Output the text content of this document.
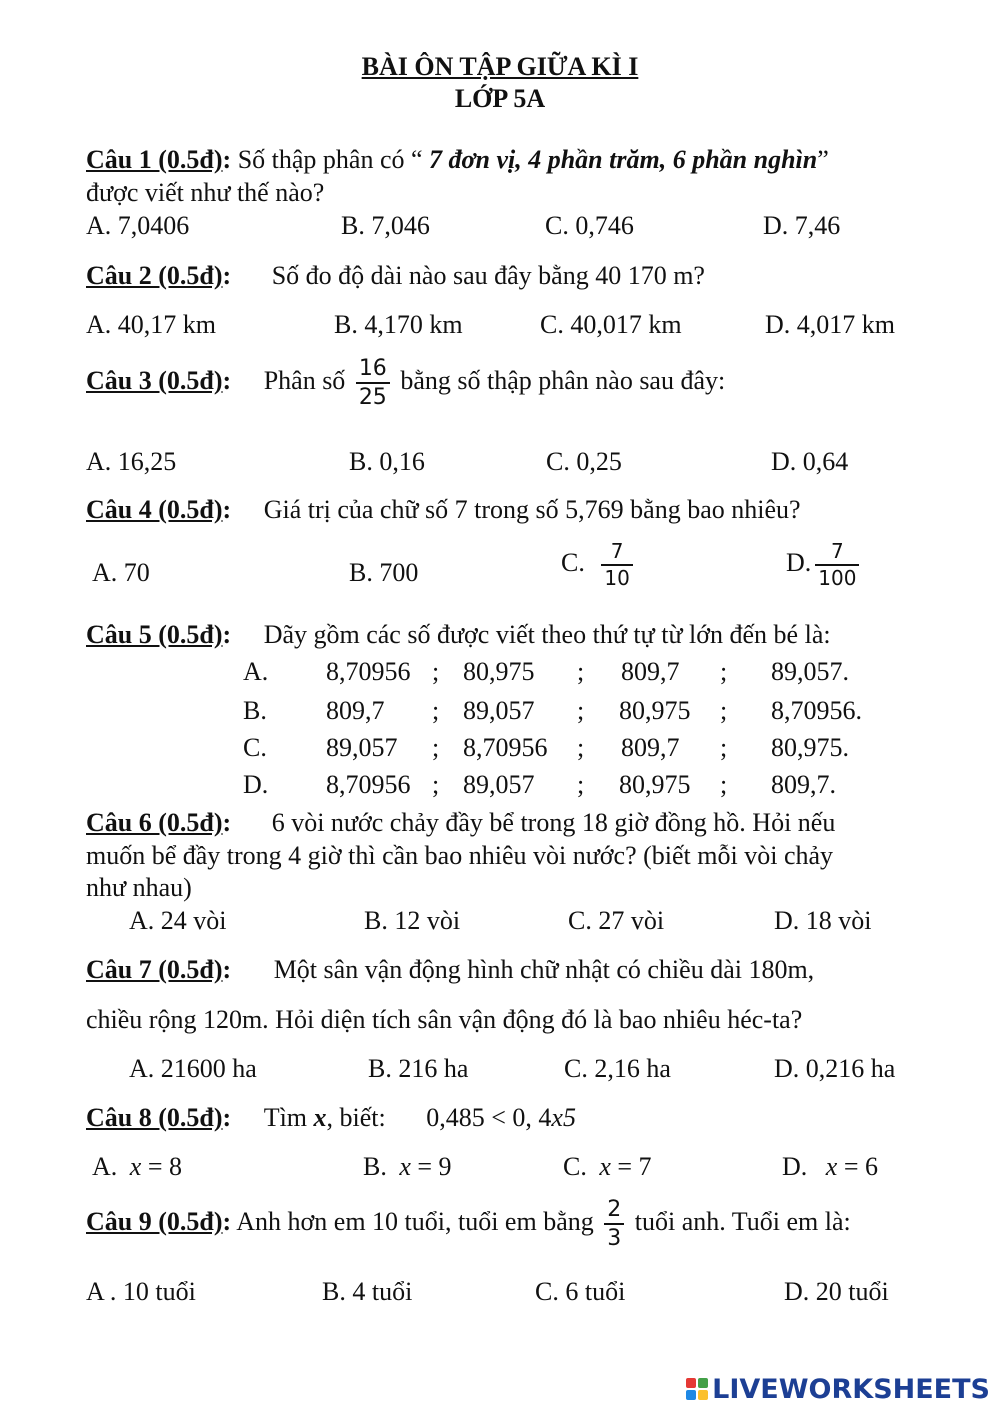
BÀI ÔN TẬP GIỮA KÌ I
LỚP 5A
Câu 1 (0.5đ): Số thập phân có “ 7 đơn vị, 4 phần trăm, 6 phần nghìn”
được viết như thế nào?
A. 7,0406	B. 7,046	C. 0,746	D. 7,46
Câu 2 (0.5đ): Số đo độ dài nào sau đây bằng 40 170 m?
A. 40,17 km	B. 4,170 km	C. 40,017 km	D. 4,017 km
Câu 3 (0.5đ): Phân số $\frac{16}{25}$ bằng số thập phân nào sau đây:
A. 16,25	B. 0,16	C. 0,25	D. 0,64
Câu 4 (0.5đ): Giá trị của chữ số 7 trong số 5,769 bằng bao nhiêu?
A. 70	B. 700	C. $\frac{7}{10}$	D. $\frac{7}{100}$
Câu 5 (0.5đ): Dãy gồm các số được viết theo thứ tự từ lớn đến bé là:
A. 8,70956 ; 80,975 ; 809,7 ; 89,057.
B. 809,7 ; 89,057 ; 80,975 ; 8,70956.
C. 89,057 ; 8,70956 ; 809,7 ; 80,975.
D. 8,70956 ; 89,057 ; 80,975 ; 809,7.
Câu 6 (0.5đ): 6 vòi nước chảy đầy bể trong 18 giờ đồng hồ. Hỏi nếu
muốn bể đầy trong 4 giờ thì cần bao nhiêu vòi nước? (biết mỗi vòi chảy
như nhau)
A. 24 vòi	B. 12 vòi	C. 27 vòi	D. 18 vòi
Câu 7 (0.5đ): Một sân vận động hình chữ nhật có chiều dài 180m,
chiều rộng 120m. Hỏi diện tích sân vận động đó là bao nhiêu héc-ta?
A. 21600 ha	B. 216 ha	C. 2,16 ha	D. 0,216 ha
Câu 8 (0.5đ): Tìm x, biết: 0,485 < 0, 4x5
A. x = 8	B. x = 9	C. x = 7	D. x = 6
Câu 9 (0.5đ): Anh hơn em 10 tuổi, tuổi em bằng $\frac{2}{3}$ tuổi anh. Tuổi em là:
A . 10 tuổi	B. 4 tuổi	C. 6 tuổi	D. 20 tuổi
LIVEWORKSHEETS
